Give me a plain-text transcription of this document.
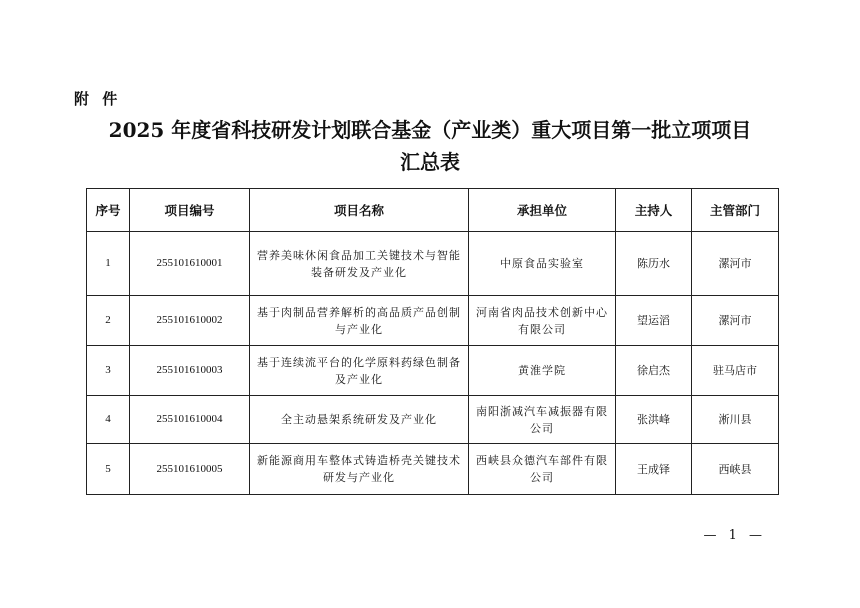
附 件
2025 年度省科技研发计划联合基金（产业类）重大项目第一批立项项目
汇总表
序号	项目编号	项目名称	承担单位	主持人	主管部门
1	255101610001	营养美味休闲食品加工关键技术与智能装备研发及产业化	中原食品实验室	陈历水	漯河市
2	255101610002	基于肉制品营养解析的高品质产品创制与产业化	河南省肉品技术创新中心有限公司	望运滔	漯河市
3	255101610003	基于连续流平台的化学原料药绿色制备及产业化	黄淮学院	徐启杰	驻马店市
4	255101610004	全主动悬架系统研发及产业化	南阳浙减汽车减振器有限公司	张洪峰	淅川县
5	255101610005	新能源商用车整体式铸造桥壳关键技术研发与产业化	西峡县众德汽车部件有限公司	王成铎	西峡县
— 1 —
